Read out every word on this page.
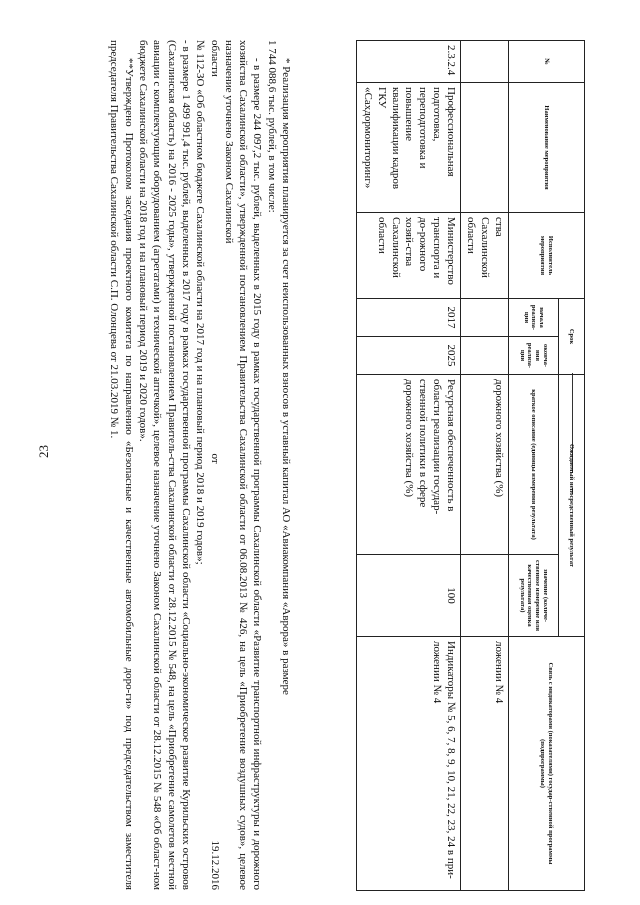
23
№	Наименование мероприятия	Исполнитель мероприятия	Срок		Ожидаемый непосредственный результат		Связь с индикаторами (показателями) государ-ственной программы (подпрограммы)
			начала реализа-ции	оконча-ния реализа-ции	краткое описание (единицы измерения результата)	значение (количе-ственное измерение или качественная оценка результата)	
		ства Сахалинской области			дорожного хозяйства (%)		ложении № 4
2.3.2.4	Профессиональная подготовка, переподготовка и повышение квалификации кадров ГКУ «Сахдормониторинг»	Министерство транспорта и до-рожного хозяй-ства Сахалинской области	2017	2025	Ресурсная обеспеченность в области реализации государ-ственной политики в сфере дорожного хозяйства (%)	100	Индикаторы № 5, 6, 7, 8, 9, 10, 21, 22, 23, 24 в при-ложении № 4

* Реализация мероприятия планируется за счет неиспользованных взносов в уставный капитал АО «Авиакомпания «Аврора» в размере

1 744 088,6 тыс. рублей, в том числе:

- в размере 244 097,2 тыс. рублей, выделенных в 2015 году в рамках государственной программы Сахалинской области «Развитие транспортной инфраструктуры и дорожного хозяйства Сахалинской области», утвержденной постановлением Правительства Сахалинской области от 06.08.2013 № 426, на цель «Приобретение воздушных судов», целевое назначение уточнено Законом Сахалинской

области
от
19.12.2016

№ 112-ЗО «Об областном бюджете Сахалинской области на 2017 год и на плановый период 2018 и 2019 годов»;

- в размере 1 499 991,4 тыс. рублей, выделенных в 2017 году в рамках государственной программы Сахалинской области «Социально-экономическое развитие Курильских островов (Сахалинская область) на 2016 - 2025 годы», утвержденной постановлением Правитель-ства Сахалинской области от 28.12.2015 № 548, на цель «Приобретение самолетов местной авиации с комплектующим оборудованием (агрегатами) и технической аптечкой», целевое назначение уточнено Законом Сахалинской области от 28.12.2015 № 548 «Об област-ном бюджете Сахалинской области на 2018 год и на плановый период 2019 и 2020 годов».

**Утверждено Протоколом заседания проектного комитета по направлению «Безопасные и качественные автомобильные доро-ги» под председательством заместителя председателя Правительства Сахалинской области С.П. Олонцева от 21.03.2019 № 1.
